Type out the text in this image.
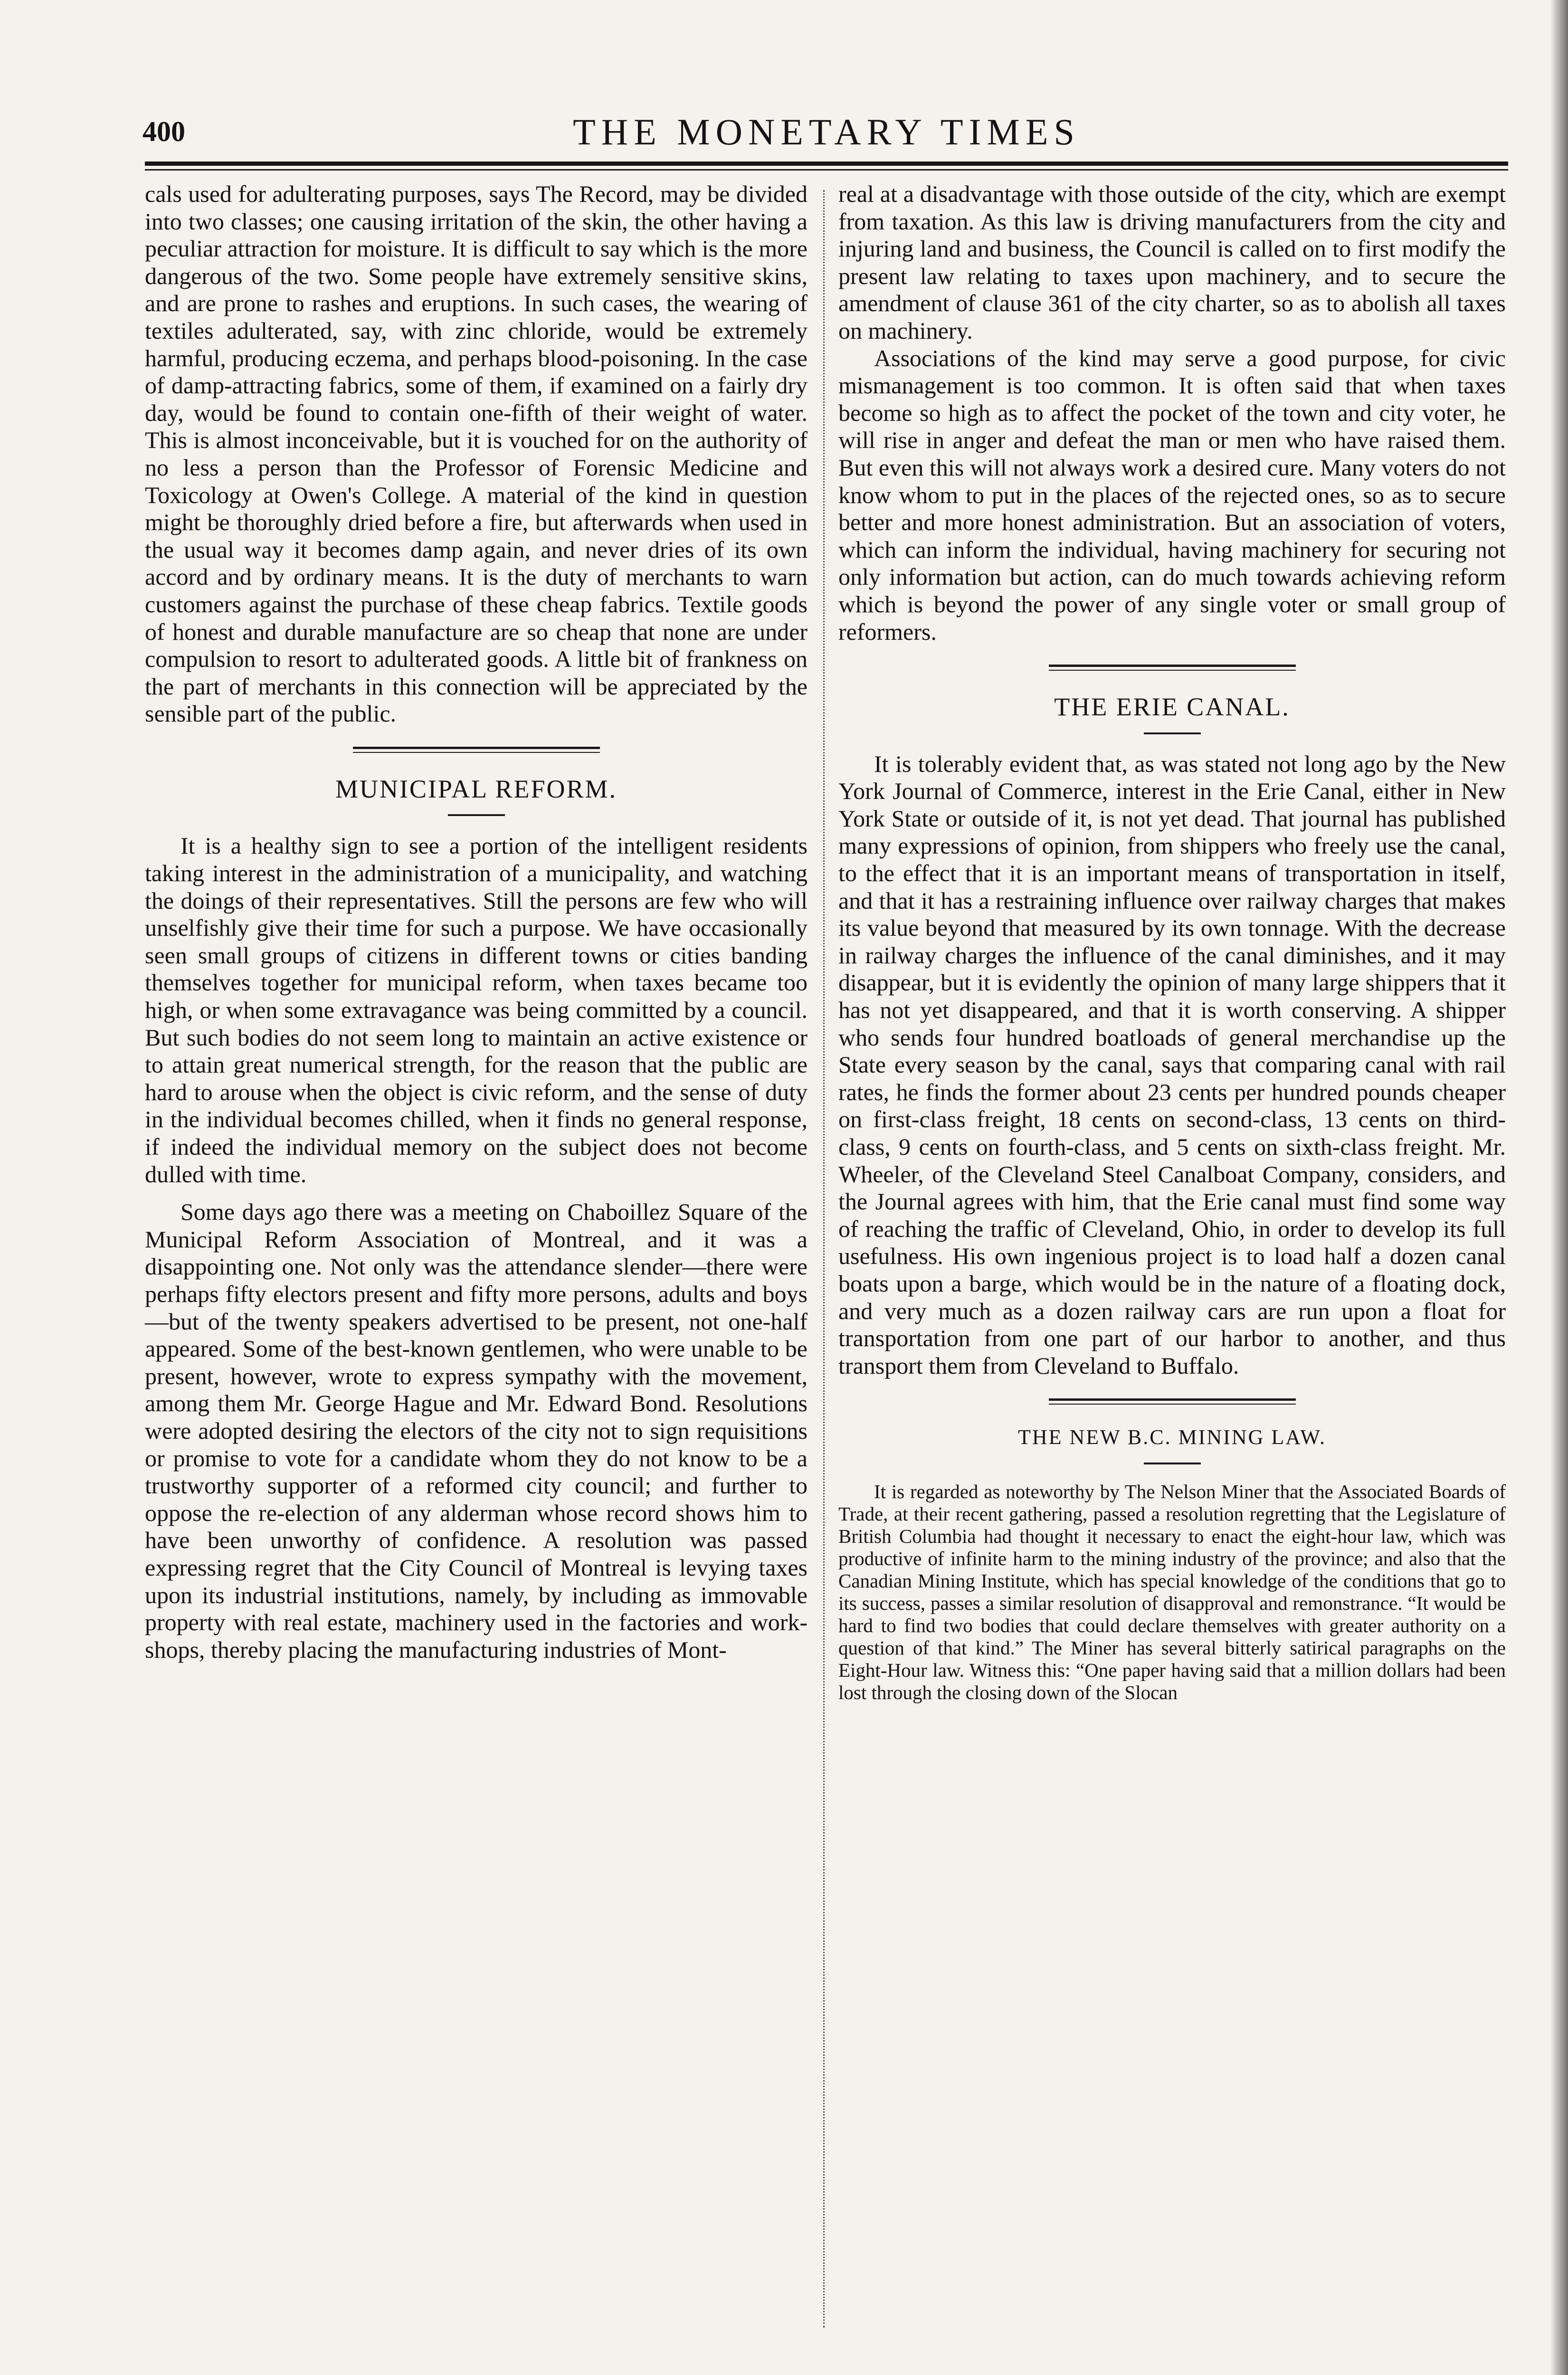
400	THE MONETARY TIMES

cals used for adulterating purposes, says The Record, may be divided into two classes; one causing irritation of the skin, the other having a peculiar attraction for moisture. It is difficult to say which is the more dangerous of the two. Some people have extremely sensitive skins, and are prone to rashes and eruptions. In such cases, the wearing of textiles adulterated, say, with zinc chloride, would be extremely harmful, producing eczema, and perhaps blood-poisoning. In the case of damp-attracting fabrics, some of them, if examined on a fairly dry day, would be found to contain one-fifth of their weight of water. This is almost inconceivable, but it is vouched for on the authority of no less a person than the Professor of Forensic Medicine and Toxicology at Owen's College. A material of the kind in question might be thoroughly dried before a fire, but afterwards when used in the usual way it becomes damp again, and never dries of its own accord and by ordinary means. It is the duty of merchants to warn customers against the purchase of these cheap fabrics. Textile goods of honest and durable manufacture are so cheap that none are under compulsion to resort to adulterated goods. A little bit of frankness on the part of merchants in this connection will be appreciated by the sensible part of the public.

MUNICIPAL REFORM.

It is a healthy sign to see a portion of the intelligent residents taking interest in the administration of a municipality, and watching the doings of their representatives. Still the persons are few who will unselfishly give their time for such a purpose. We have occasionally seen small groups of citizens in different towns or cities banding themselves together for municipal reform, when taxes became too high, or when some extravagance was being committed by a council. But such bodies do not seem long to maintain an active existence or to attain great numerical strength, for the reason that the public are hard to arouse when the object is civic reform, and the sense of duty in the individual becomes chilled, when it finds no general response, if indeed the individual memory on the subject does not become dulled with time.

Some days ago there was a meeting on Chaboillez Square of the Municipal Reform Association of Montreal, and it was a disappointing one. Not only was the attendance slender—there were perhaps fifty electors present and fifty more persons, adults and boys—but of the twenty speakers advertised to be present, not one-half appeared. Some of the best-known gentlemen, who were unable to be present, however, wrote to express sympathy with the movement, among them Mr. George Hague and Mr. Edward Bond. Resolutions were adopted desiring the electors of the city not to sign requisitions or promise to vote for a candidate whom they do not know to be a trustworthy supporter of a reformed city council; and further to oppose the re-election of any alderman whose record shows him to have been unworthy of confidence. A resolution was passed expressing regret that the City Council of Montreal is levying taxes upon its industrial institutions, namely, by including as immovable property with real estate, machinery used in the factories and work-shops, thereby placing the manufacturing industries of Mont-

real at a disadvantage with those outside of the city, which are exempt from taxation. As this law is driving manufacturers from the city and injuring land and business, the Council is called on to first modify the present law relating to taxes upon machinery, and to secure the amendment of clause 361 of the city charter, so as to abolish all taxes on machinery.

Associations of the kind may serve a good purpose, for civic mismanagement is too common. It is often said that when taxes become so high as to affect the pocket of the town and city voter, he will rise in anger and defeat the man or men who have raised them. But even this will not always work a desired cure. Many voters do not know whom to put in the places of the rejected ones, so as to secure better and more honest administration. But an association of voters, which can inform the individual, having machinery for securing not only information but action, can do much towards achieving reform which is beyond the power of any single voter or small group of reformers.

THE ERIE CANAL.

It is tolerably evident that, as was stated not long ago by the New York Journal of Commerce, interest in the Erie Canal, either in New York State or outside of it, is not yet dead. That journal has published many expressions of opinion, from shippers who freely use the canal, to the effect that it is an important means of transportation in itself, and that it has a restraining influence over railway charges that makes its value beyond that measured by its own tonnage. With the decrease in railway charges the influence of the canal diminishes, and it may disappear, but it is evidently the opinion of many large shippers that it has not yet disappeared, and that it is worth conserving. A shipper who sends four hundred boatloads of general merchandise up the State every season by the canal, says that comparing canal with rail rates, he finds the former about 23 cents per hundred pounds cheaper on first-class freight, 18 cents on second-class, 13 cents on third-class, 9 cents on fourth-class, and 5 cents on sixth-class freight. Mr. Wheeler, of the Cleveland Steel Canalboat Company, considers, and the Journal agrees with him, that the Erie canal must find some way of reaching the traffic of Cleveland, Ohio, in order to develop its full usefulness. His own ingenious project is to load half a dozen canal boats upon a barge, which would be in the nature of a floating dock, and very much as a dozen railway cars are run upon a float for transportation from one part of our harbor to another, and thus transport them from Cleveland to Buffalo.

THE NEW B.C. MINING LAW.

It is regarded as noteworthy by The Nelson Miner that the Associated Boards of Trade, at their recent gathering, passed a resolution regretting that the Legislature of British Columbia had thought it necessary to enact the eight-hour law, which was productive of infinite harm to the mining industry of the province; and also that the Canadian Mining Institute, which has special knowledge of the conditions that go to its success, passes a similar resolution of disapproval and remonstrance. “It would be hard to find two bodies that could declare themselves with greater authority on a question of that kind.” The Miner has several bitterly satirical paragraphs on the Eight-Hour law. Witness this: “One paper having said that a million dollars had been lost through the closing down of the Slocan
